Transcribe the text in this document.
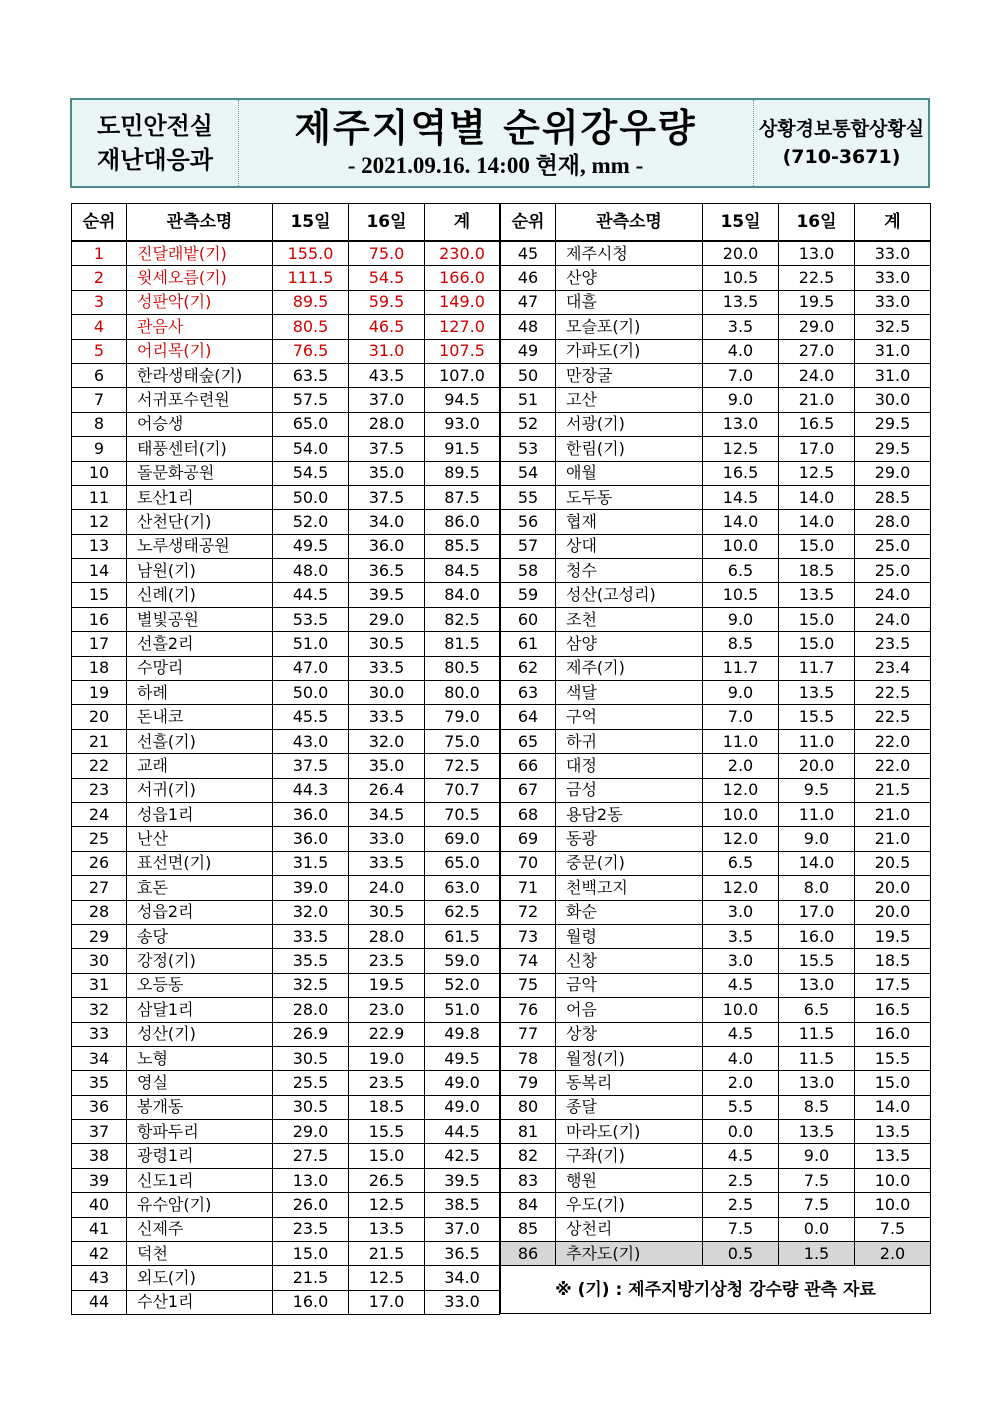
도민안전실
재난대응과
제주지역별 순위강우량
- 2021.09.16. 14:00 현재, mm -
상황경보통합상황실
(710-3671)
순위	관측소명	15일	16일	계
1	진달래밭(기)	155.0	75.0	230.0
2	윗세오름(기)	111.5	54.5	166.0
3	성판악(기)	89.5	59.5	149.0
4	관음사	80.5	46.5	127.0
5	어리목(기)	76.5	31.0	107.5
6	한라생태숲(기)	63.5	43.5	107.0
7	서귀포수련원	57.5	37.0	94.5
8	어승생	65.0	28.0	93.0
9	태풍센터(기)	54.0	37.5	91.5
10	돌문화공원	54.5	35.0	89.5
11	토산1리	50.0	37.5	87.5
12	산천단(기)	52.0	34.0	86.0
13	노루생태공원	49.5	36.0	85.5
14	남원(기)	48.0	36.5	84.5
15	신례(기)	44.5	39.5	84.0
16	별빛공원	53.5	29.0	82.5
17	선흘2리	51.0	30.5	81.5
18	수망리	47.0	33.5	80.5
19	하례	50.0	30.0	80.0
20	돈내코	45.5	33.5	79.0
21	선흘(기)	43.0	32.0	75.0
22	교래	37.5	35.0	72.5
23	서귀(기)	44.3	26.4	70.7
24	성읍1리	36.0	34.5	70.5
25	난산	36.0	33.0	69.0
26	표선면(기)	31.5	33.5	65.0
27	효돈	39.0	24.0	63.0
28	성읍2리	32.0	30.5	62.5
29	송당	33.5	28.0	61.5
30	강정(기)	35.5	23.5	59.0
31	오등동	32.5	19.5	52.0
32	삼달1리	28.0	23.0	51.0
33	성산(기)	26.9	22.9	49.8
34	노형	30.5	19.0	49.5
35	영실	25.5	23.5	49.0
36	봉개동	30.5	18.5	49.0
37	항파두리	29.0	15.5	44.5
38	광령1리	27.5	15.0	42.5
39	신도1리	13.0	26.5	39.5
40	유수암(기)	26.0	12.5	38.5
41	신제주	23.5	13.5	37.0
42	덕천	15.0	21.5	36.5
43	외도(기)	21.5	12.5	34.0
44	수산1리	16.0	17.0	33.0
순위	관측소명	15일	16일	계
45	제주시청	20.0	13.0	33.0
46	산양	10.5	22.5	33.0
47	대흘	13.5	19.5	33.0
48	모슬포(기)	3.5	29.0	32.5
49	가파도(기)	4.0	27.0	31.0
50	만장굴	7.0	24.0	31.0
51	고산	9.0	21.0	30.0
52	서광(기)	13.0	16.5	29.5
53	한림(기)	12.5	17.0	29.5
54	애월	16.5	12.5	29.0
55	도두동	14.5	14.0	28.5
56	협재	14.0	14.0	28.0
57	상대	10.0	15.0	25.0
58	청수	6.5	18.5	25.0
59	성산(고성리)	10.5	13.5	24.0
60	조천	9.0	15.0	24.0
61	삼양	8.5	15.0	23.5
62	제주(기)	11.7	11.7	23.4
63	색달	9.0	13.5	22.5
64	구억	7.0	15.5	22.5
65	하귀	11.0	11.0	22.0
66	대정	2.0	20.0	22.0
67	금성	12.0	9.5	21.5
68	용담2동	10.0	11.0	21.0
69	동광	12.0	9.0	21.0
70	중문(기)	6.5	14.0	20.5
71	천백고지	12.0	8.0	20.0
72	화순	3.0	17.0	20.0
73	월령	3.5	16.0	19.5
74	신창	3.0	15.5	18.5
75	금악	4.5	13.0	17.5
76	어음	10.0	6.5	16.5
77	상창	4.5	11.5	16.0
78	월정(기)	4.0	11.5	15.5
79	동복리	2.0	13.0	15.0
80	종달	5.5	8.5	14.0
81	마라도(기)	0.0	13.5	13.5
82	구좌(기)	4.5	9.0	13.5
83	행원	2.5	7.5	10.0
84	우도(기)	2.5	7.5	10.0
85	상천리	7.5	0.0	7.5
86	추자도(기)	0.5	1.5	2.0
※ (기) : 제주지방기상청 강수량 관측 자료				
